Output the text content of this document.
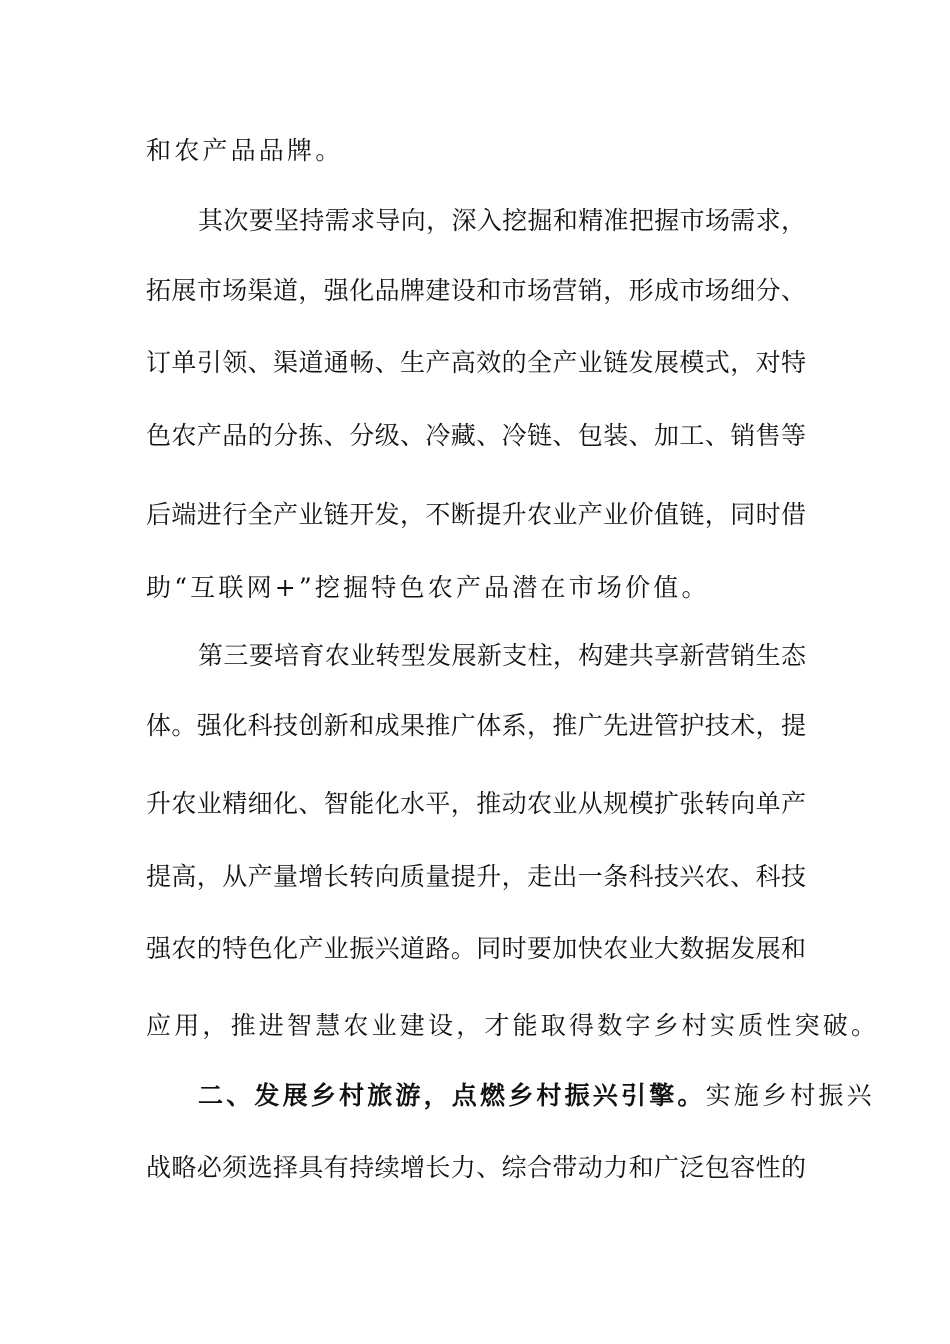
和农产品品牌。
其次要坚持需求导向，深入挖掘和精准把握市场需求，
拓展市场渠道，强化品牌建设和市场营销，形成市场细分、
订单引领、渠道通畅、生产高效的全产业链发展模式，对特
色农产品的分拣、分级、冷藏、冷链、包装、加工、销售等
后端进行全产业链开发，不断提升农业产业价值链，同时借
助“互联网+”挖掘特色农产品潜在市场价值。
第三要培育农业转型发展新支柱，构建共享新营销生态
体。强化科技创新和成果推广体系，推广先进管护技术，提
升农业精细化、智能化水平，推动农业从规模扩张转向单产
提高，从产量增长转向质量提升，走出一条科技兴农、科技
强农的特色化产业振兴道路。同时要加快农业大数据发展和
应用，推进智慧农业建设，才能取得数字乡村实质性突破。
二、发展乡村旅游，点燃乡村振兴引擎。实施乡村振兴
战略必须选择具有持续增长力、综合带动力和广泛包容性的
